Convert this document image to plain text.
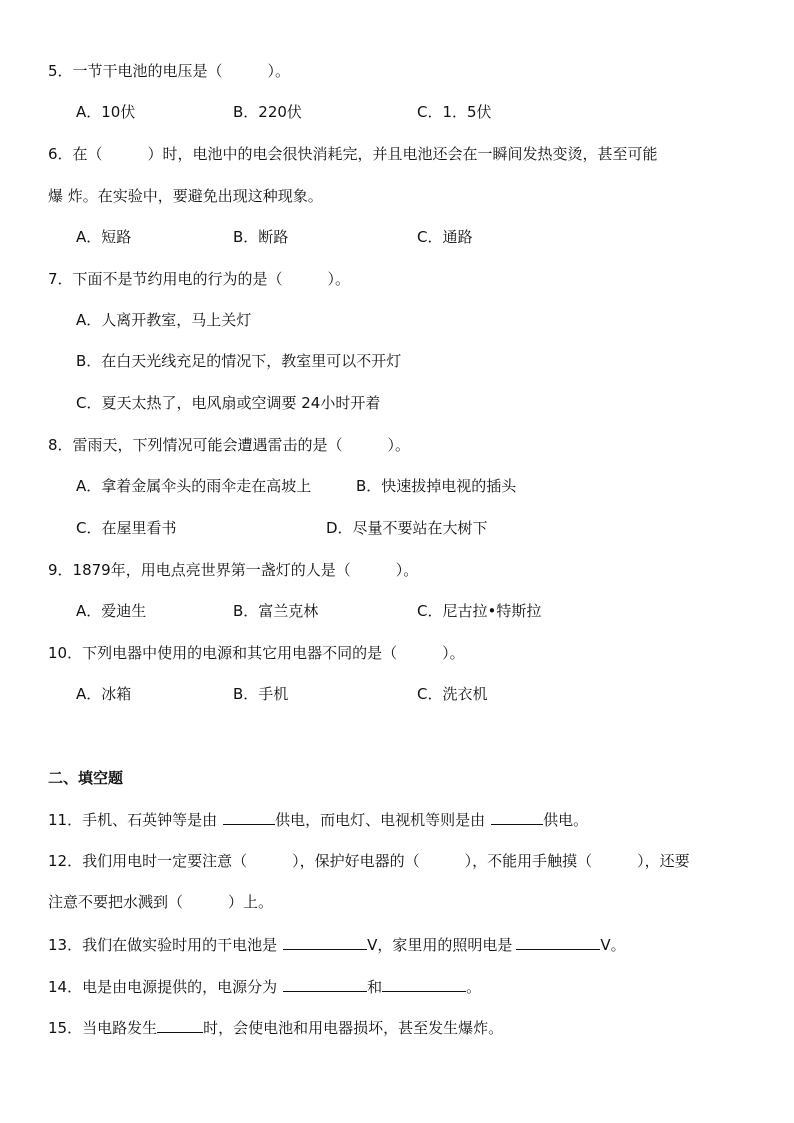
5．一节干电池的电压是（　　　）。
A．10伏	B．220伏	C．1．5伏
6．在（　　　）时，电池中的电会很快消耗完，并且电池还会在一瞬间发热变烫，甚至可能
爆 炸。在实验中，要避免出现这种现象。
A．短路	B．断路	C．通路
7．下面不是节约用电的行为的是（　　　）。
A．人离开教室，马上关灯
B．在白天光线充足的情况下，教室里可以不开灯
C．夏天太热了，电风扇或空调要 24小时开着
8．雷雨天，下列情况可能会遭遇雷击的是（　　　）。
A．拿着金属伞头的雨伞走在高坡上	B．快速拔掉电视的插头
C．在屋里看书	D．尽量不要站在大树下
9．1879年，用电点亮世界第一盏灯的人是（　　　）。
A．爱迪生	B．富兰克林	C．尼古拉•特斯拉
10．下列电器中使用的电源和其它用电器不同的是（　　　）。
A．冰箱	B．手机	C．洗衣机
二、填空题
11．手机、石英钟等是由	供电，而电灯、电视机等则是由	供电。
12．我们用电时一定要注意（　　　），保护好电器的（　　　），不能用手触摸（　　　），还要
注意不要把水溅到（　　　）上。
13．我们在做实验时用的干电池是	V，家里用的照明电是	V。
14．电是由电源提供的，电源分为	和	。
15．当电路发生	时，会使电池和用电器损坏，甚至发生爆炸。
